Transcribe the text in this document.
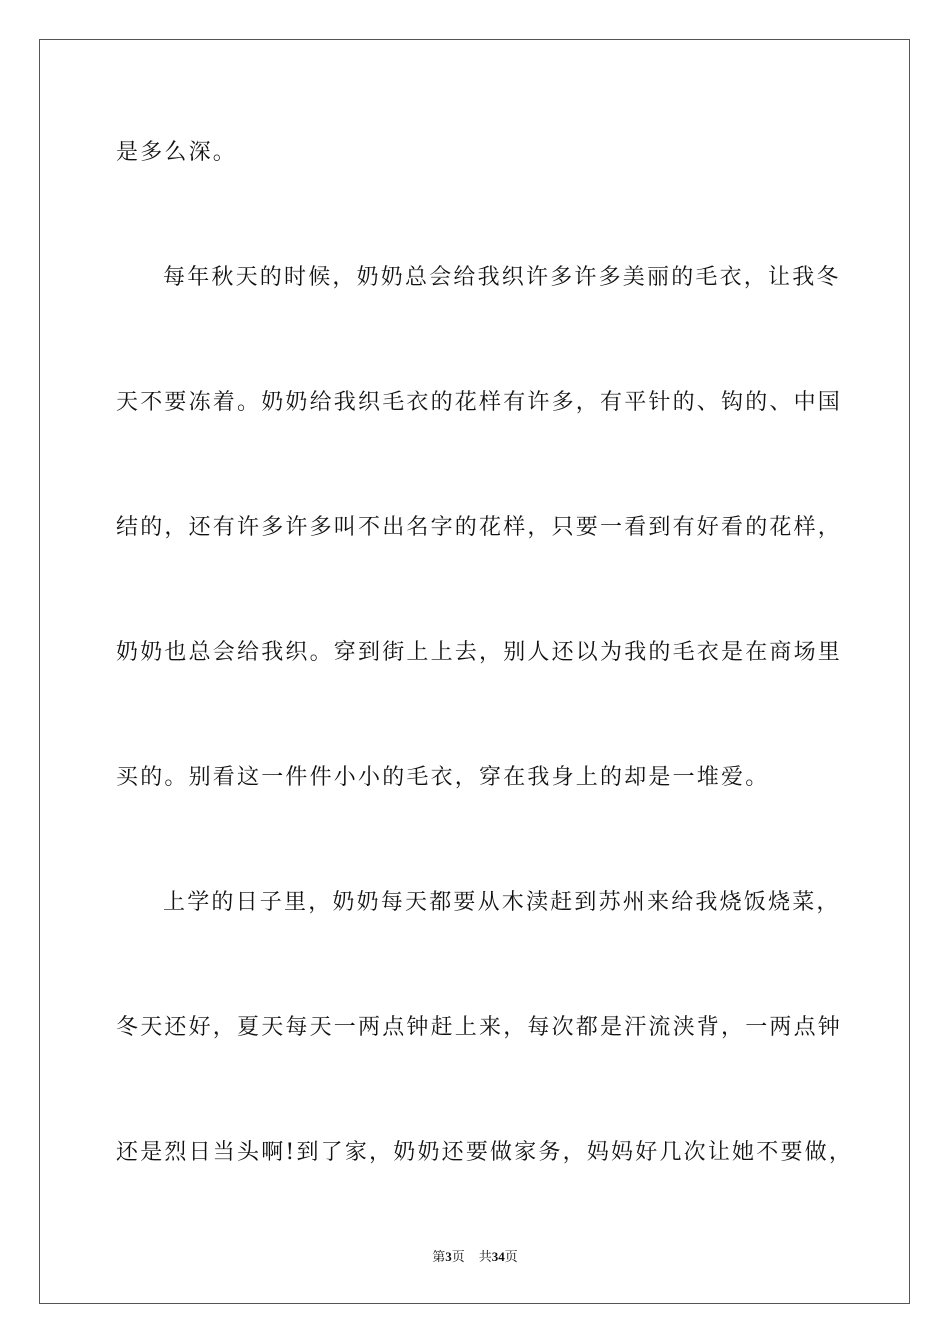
是多么深。
每年秋天的时候，奶奶总会给我织许多许多美丽的毛衣，让我冬
天不要冻着。奶奶给我织毛衣的花样有许多，有平针的、钩的、中国
结的，还有许多许多叫不出名字的花样，只要一看到有好看的花样，
奶奶也总会给我织。穿到街上上去，别人还以为我的毛衣是在商场里
买的。别看这一件件小小的毛衣，穿在我身上的却是一堆爱。
上学的日子里，奶奶每天都要从木渎赶到苏州来给我烧饭烧菜，
冬天还好，夏天每天一两点钟赶上来，每次都是汗流浃背，一两点钟
还是烈日当头啊!到了家，奶奶还要做家务，妈妈好几次让她不要做，
第3页 共34页
